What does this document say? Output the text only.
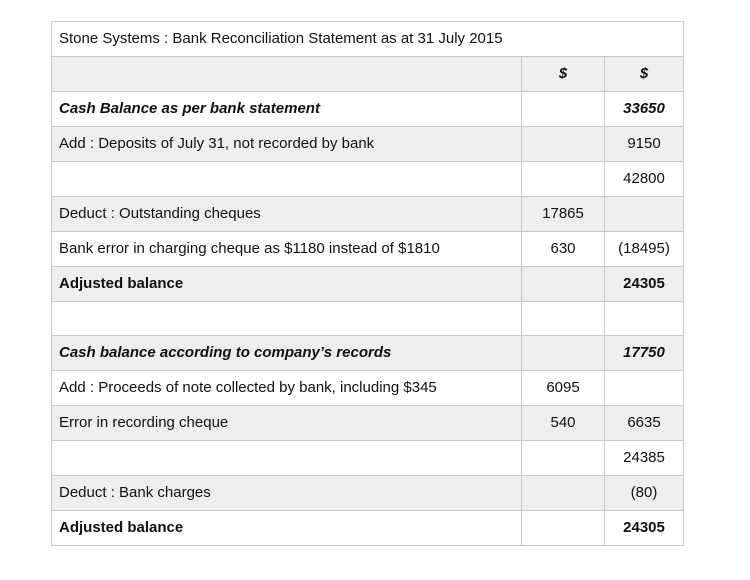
Stone Systems : Bank Reconciliation Statement as at 31 July 2015		
	$	$
Cash Balance as per bank statement		33650
Add : Deposits of July 31, not recorded by bank		9150
		42800
Deduct : Outstanding cheques	17865	
Bank error in charging cheque as $1180 instead of $1810	630	(18495)
Adjusted balance		24305

Cash balance according to company’s records		17750
Add : Proceeds of note collected by bank, including $345	6095	
Error in recording cheque	540	6635
		24385
Deduct : Bank charges		(80)
Adjusted balance		24305
